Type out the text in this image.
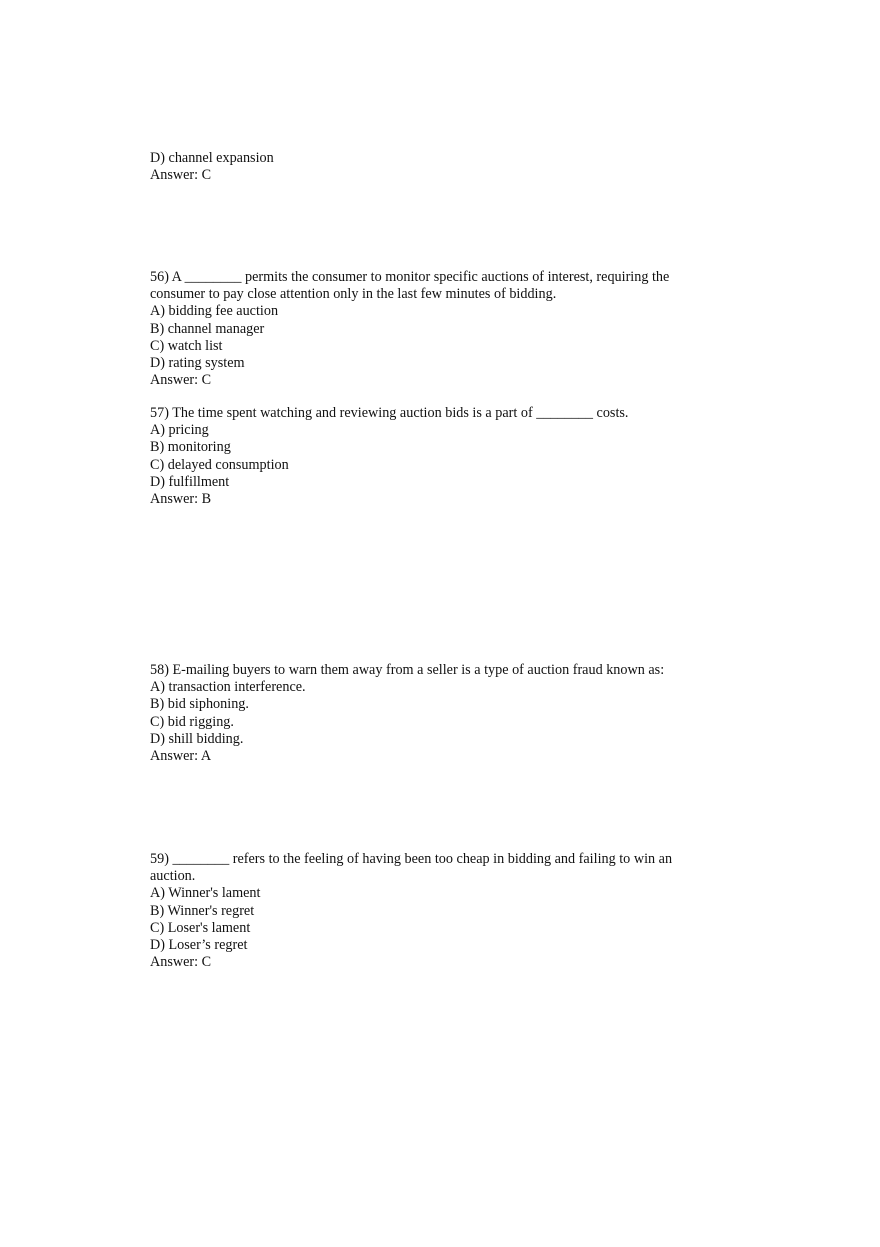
D) channel expansion
Answer: C
56) A ________ permits the consumer to monitor specific auctions of interest, requiring the
consumer to pay close attention only in the last few minutes of bidding.
A) bidding fee auction
B) channel manager
C) watch list
D) rating system
Answer: C
57) The time spent watching and reviewing auction bids is a part of ________ costs.
A) pricing
B) monitoring
C) delayed consumption
D) fulfillment
Answer: B
58) E-mailing buyers to warn them away from a seller is a type of auction fraud known as:
A) transaction interference.
B) bid siphoning.
C) bid rigging.
D) shill bidding.
Answer: A
59) ________ refers to the feeling of having been too cheap in bidding and failing to win an
auction.
A) Winner's lament
B) Winner's regret
C) Loser's lament
D) Loser’s regret
Answer: C
